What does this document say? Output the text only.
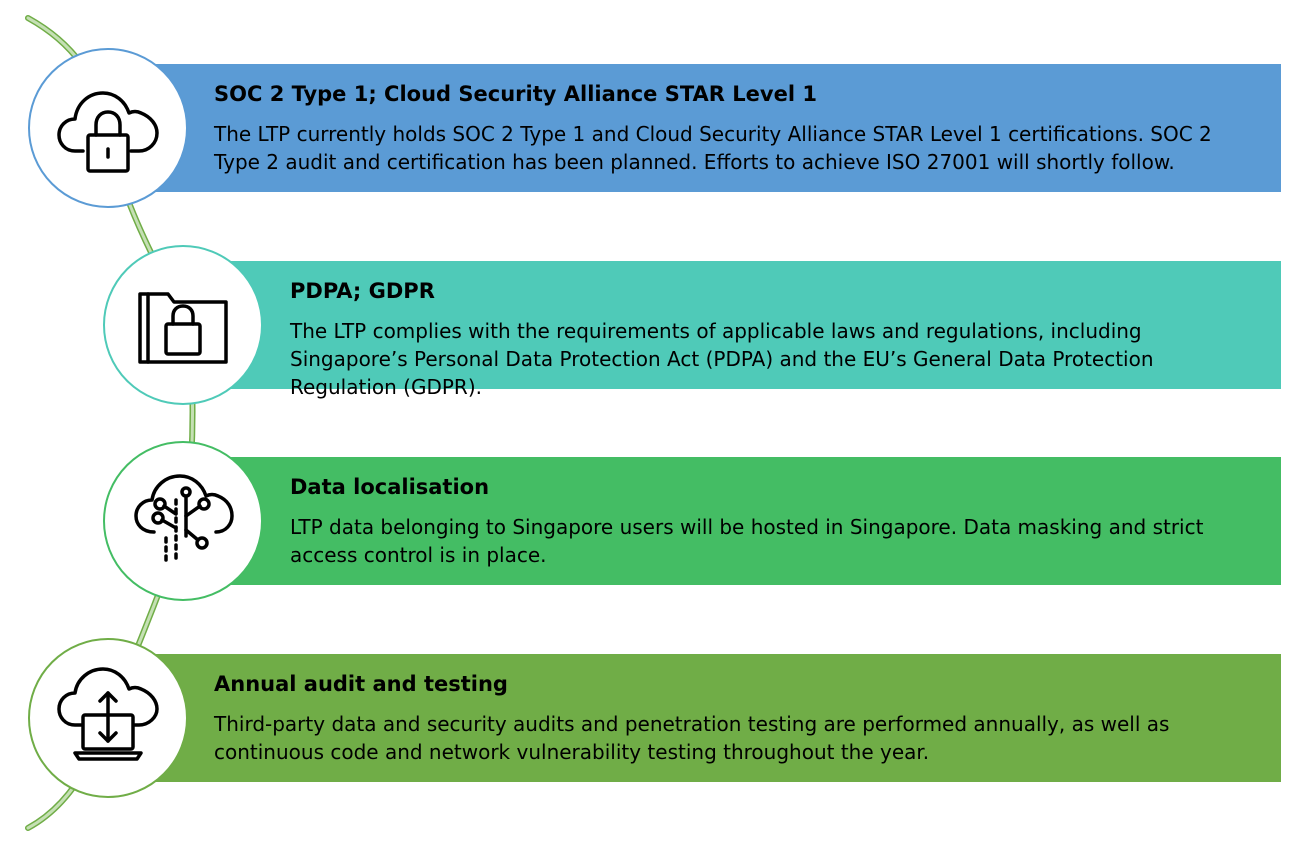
SOC 2 Type 1; Cloud Security Alliance STAR Level 1

The LTP currently holds SOC 2 Type 1 and Cloud Security Alliance STAR Level 1 certifications. SOC 2 Type 2 audit and certification has been planned. Efforts to achieve ISO 27001 will shortly follow.

PDPA; GDPR

The LTP complies with the requirements of applicable laws and regulations, including Singapore’s Personal Data Protection Act (PDPA) and the EU’s General Data Protection Regulation (GDPR).

Data localisation

LTP data belonging to Singapore users will be hosted in Singapore. Data masking and strict access control is in place.

Annual audit and testing

Third-party data and security audits and penetration testing are performed annually, as well as continuous code and network vulnerability testing throughout the year.
